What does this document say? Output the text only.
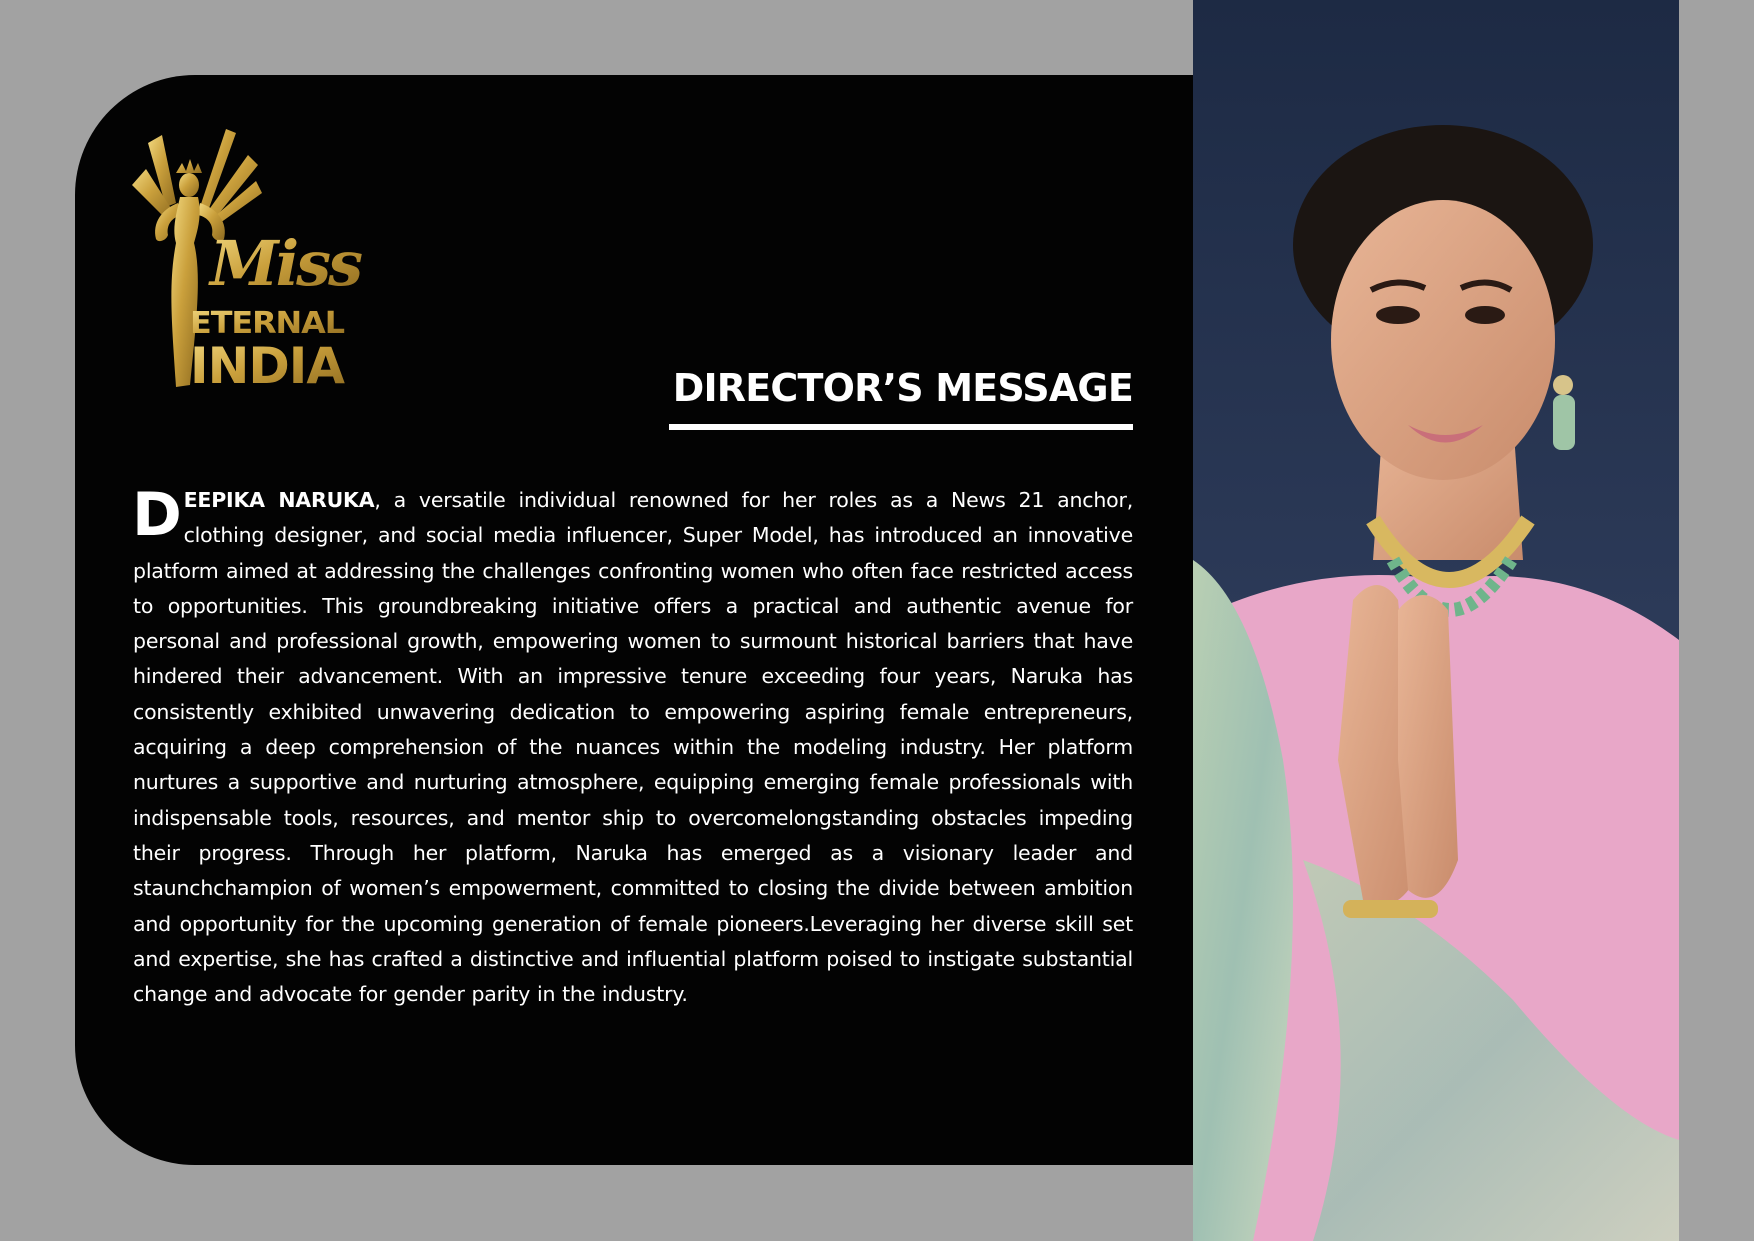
Miss
ETERNAL
INDIA	DIRECTOR’S MESSAGE

DEEPIKA NARUKA, a versatile individual renowned for her roles as a News 21 anchor, clothing designer, and social media influencer, Super Model, has introduced an innovative platform aimed at addressing the challenges confronting women who often face restricted access to opportunities. This groundbreaking initiative offers a practical and authentic avenue for personal and professional growth, empowering women to surmount historical barriers that have hindered their advancement. With an impressive tenure exceeding four years, Naruka has consistently exhibited unwavering dedication to empowering aspiring female entrepreneurs, acquiring a deep comprehension of the nuances within the modeling industry. Her platform nurtures a supportive and nurturing atmosphere, equipping emerging female professionals with indispensable tools, resources, and mentor ship to overcomelongstanding obstacles impeding their progress. Through her platform, Naruka has emerged as a visionary leader and staunchchampion of women’s empowerment, committed to closing the divide between ambition and opportunity for the upcoming generation of female pioneers.Leveraging her diverse skill set and expertise, she has crafted a distinctive and influential platform poised to instigate substantial change and advocate for gender parity in the industry.
